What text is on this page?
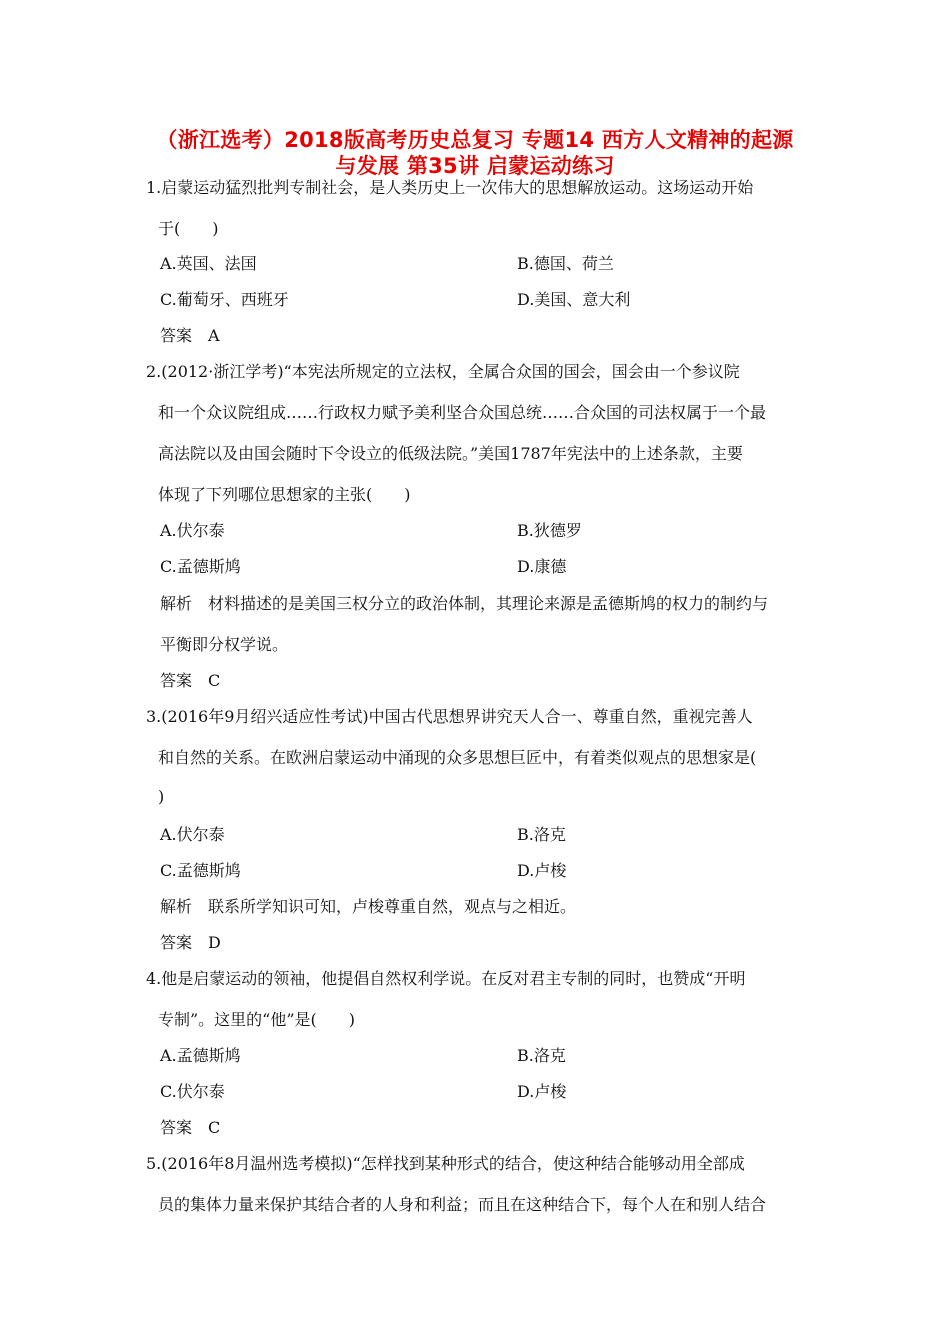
（浙江选考）2018版高考历史总复习 专题14 西方人文精神的起源
与发展 第35讲 启蒙运动练习
1.启蒙运动猛烈批判专制社会，是人类历史上一次伟大的思想解放运动。这场运动开始
于(　　)
A.英国、法国	B.德国、荷兰
C.葡萄牙、西班牙	D.美国、意大利
答案 A
2.(2012·浙江学考)“本宪法所规定的立法权，全属合众国的国会，国会由一个参议院
和一个众议院组成……行政权力赋予美利坚合众国总统……合众国的司法权属于一个最
高法院以及由国会随时下令设立的低级法院。”美国1787年宪法中的上述条款，主要
体现了下列哪位思想家的主张(　　)
A.伏尔泰	B.狄德罗
C.孟德斯鸠	D.康德
解析 材料描述的是美国三权分立的政治体制，其理论来源是孟德斯鸠的权力的制约与
平衡即分权学说。
答案 C
3.(2016年9月绍兴适应性考试)中国古代思想界讲究天人合一、尊重自然，重视完善人
和自然的关系。在欧洲启蒙运动中涌现的众多思想巨匠中，有着类似观点的思想家是(
)
A.伏尔泰	B.洛克
C.孟德斯鸠	D.卢梭
解析 联系所学知识可知，卢梭尊重自然，观点与之相近。
答案 D
4.他是启蒙运动的领袖，他提倡自然权利学说。在反对君主专制的同时，也赞成“开明
专制”。这里的“他”是(　　)
A.孟德斯鸠	B.洛克
C.伏尔泰	D.卢梭
答案 C
5.(2016年8月温州选考模拟)“怎样找到某种形式的结合，使这种结合能够动用全部成
员的集体力量来保护其结合者的人身和利益；而且在这种结合下，每个人在和别人结合
